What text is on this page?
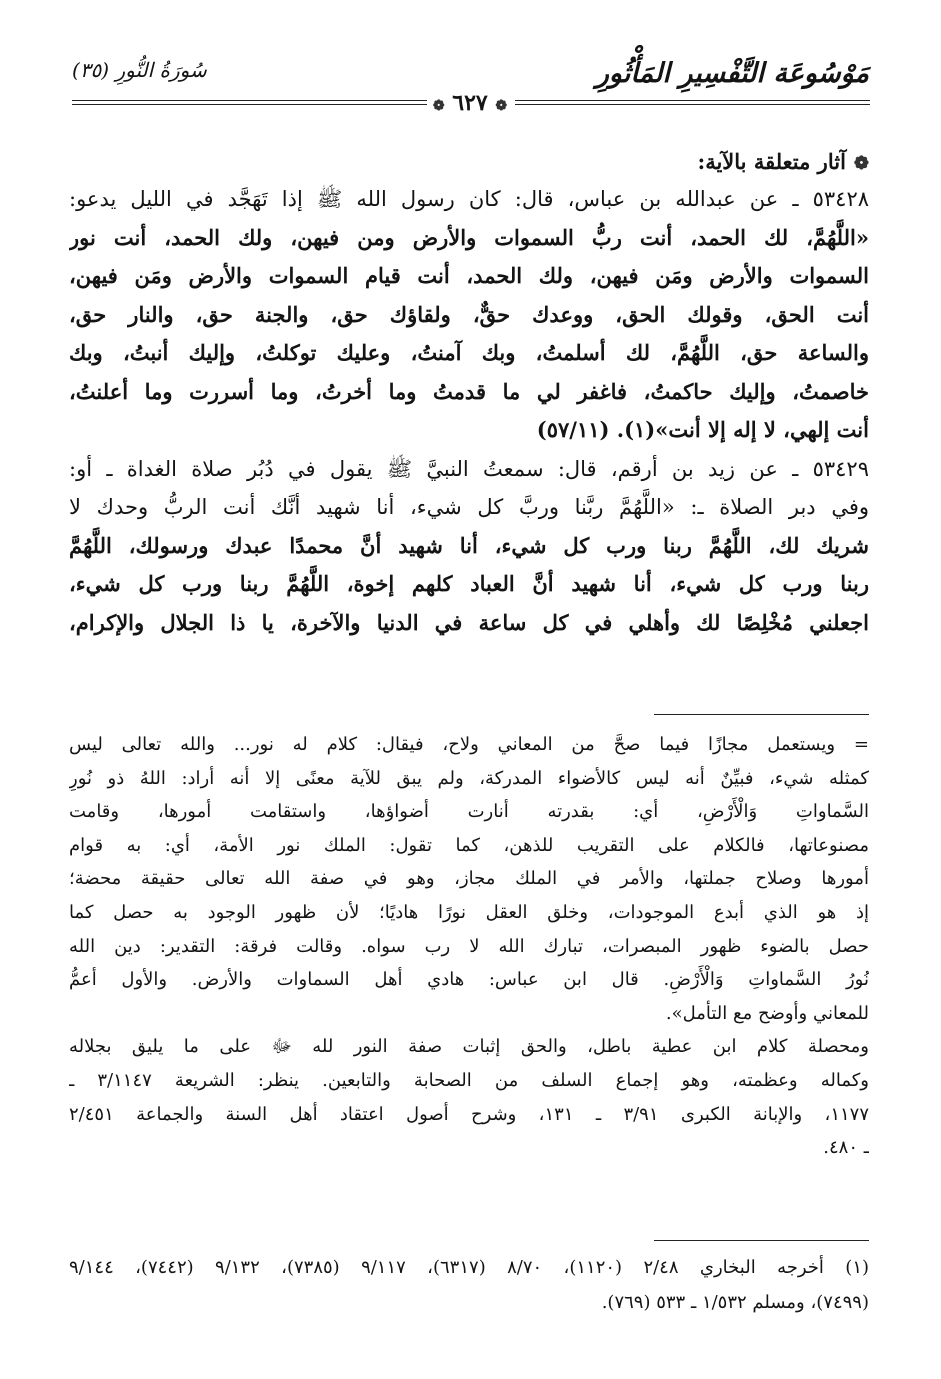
مَوْسُوعَة التَّفْسِيرِ المَأْثُورِ
سُورَةُ النُّورِ (٣٥)
❁ ٦٢٧ ❁
❁آثار متعلقة بالآية:
٥٣٤٢٨ ـ عن عبدالله بن عباس، قال: كان رسول الله ﷺ إذا تَهَجَّد في الليل يدعو:
«اللَّهُمَّ، لك الحمد، أنت ربُّ السموات والأرض ومن فيهن، ولك الحمد، أنت نور
السموات والأرض ومَن فيهن، ولك الحمد، أنت قيام السموات والأرض ومَن فيهن،
أنت الحق، وقولك الحق، ووعدك حقٌّ، ولقاؤك حق، والجنة حق، والنار حق،
والساعة حق، اللَّهُمَّ، لك أسلمتُ، وبك آمنتُ، وعليك توكلتُ، وإليك أنبتُ، وبك
خاصمتُ، وإليك حاكمتُ، فاغفر لي ما قدمتُ وما أخرتُ، وما أسررت وما أعلنتُ،
أنت إلهي، لا إله إلا أنت»(١). (٥٧/١١)
٥٣٤٢٩ ـ عن زيد بن أرقم، قال: سمعتُ النبيَّ ﷺ يقول في دُبُر صلاة الغداة ـ أو:
وفي دبر الصلاة ـ: «اللَّهُمَّ ربَّنا وربَّ كل شيء، أنا شهيد أنَّك أنت الربُّ وحدك لا
شريك لك، اللَّهُمَّ ربنا ورب كل شيء، أنا شهيد أنَّ محمدًا عبدك ورسولك، اللَّهُمَّ
ربنا ورب كل شيء، أنا شهيد أنَّ العباد كلهم إخوة، اللَّهُمَّ ربنا ورب كل شيء،
اجعلني مُخْلِصًا لك وأهلي في كل ساعة في الدنيا والآخرة، يا ذا الجلال والإكرام،
= ويستعمل مجازًا فيما صحَّ من المعاني ولاح، فيقال: كلام له نور... والله تعالى ليس
كمثله شيء، فبيِّنٌ أنه ليس كالأضواء المدركة، ولم يبق للآية معنًى إلا أنه أراد: اللهُ ذو نُورِ
السَّماواتِ وَالْأَرْضِ، أي: بقدرته أنارت أضواؤها، واستقامت أمورها، وقامت
مصنوعاتها، فالكلام على التقريب للذهن، كما تقول: الملك نور الأمة، أي: به قوام
أمورها وصلاح جملتها، والأمر في الملك مجاز، وهو في صفة الله تعالى حقيقة محضة؛
إذ هو الذي أبدع الموجودات، وخلق العقل نورًا هاديًا؛ لأن ظهور الوجود به حصل كما
حصل بالضوء ظهور المبصرات، تبارك الله لا رب سواه. وقالت فرقة: التقدير: دين الله
نُورُ السَّماواتِ وَالْأَرْضِ. قال ابن عباس: هادي أهل السماوات والأرض. والأول أعمُّ
للمعاني وأوضح مع التأمل».
ومحصلة كلام ابن عطية باطل، والحق إثبات صفة النور لله ﷻ على ما يليق بجلاله
وكماله وعظمته، وهو إجماع السلف من الصحابة والتابعين. ينظر: الشريعة ٣/١١٤٧ ـ
١١٧٧، والإبانة الكبرى ٣/٩١ ـ ١٣١، وشرح أصول اعتقاد أهل السنة والجماعة ٢/٤٥١
ـ ٤٨٠.
(١) أخرجه البخاري ٢/٤٨ (١١٢٠)، ٨/٧٠ (٦٣١٧)، ٩/١١٧ (٧٣٨٥)، ٩/١٣٢ (٧٤٤٢)، ٩/١٤٤
(٧٤٩٩)، ومسلم ١/٥٣٢ ـ ٥٣٣ (٧٦٩).
